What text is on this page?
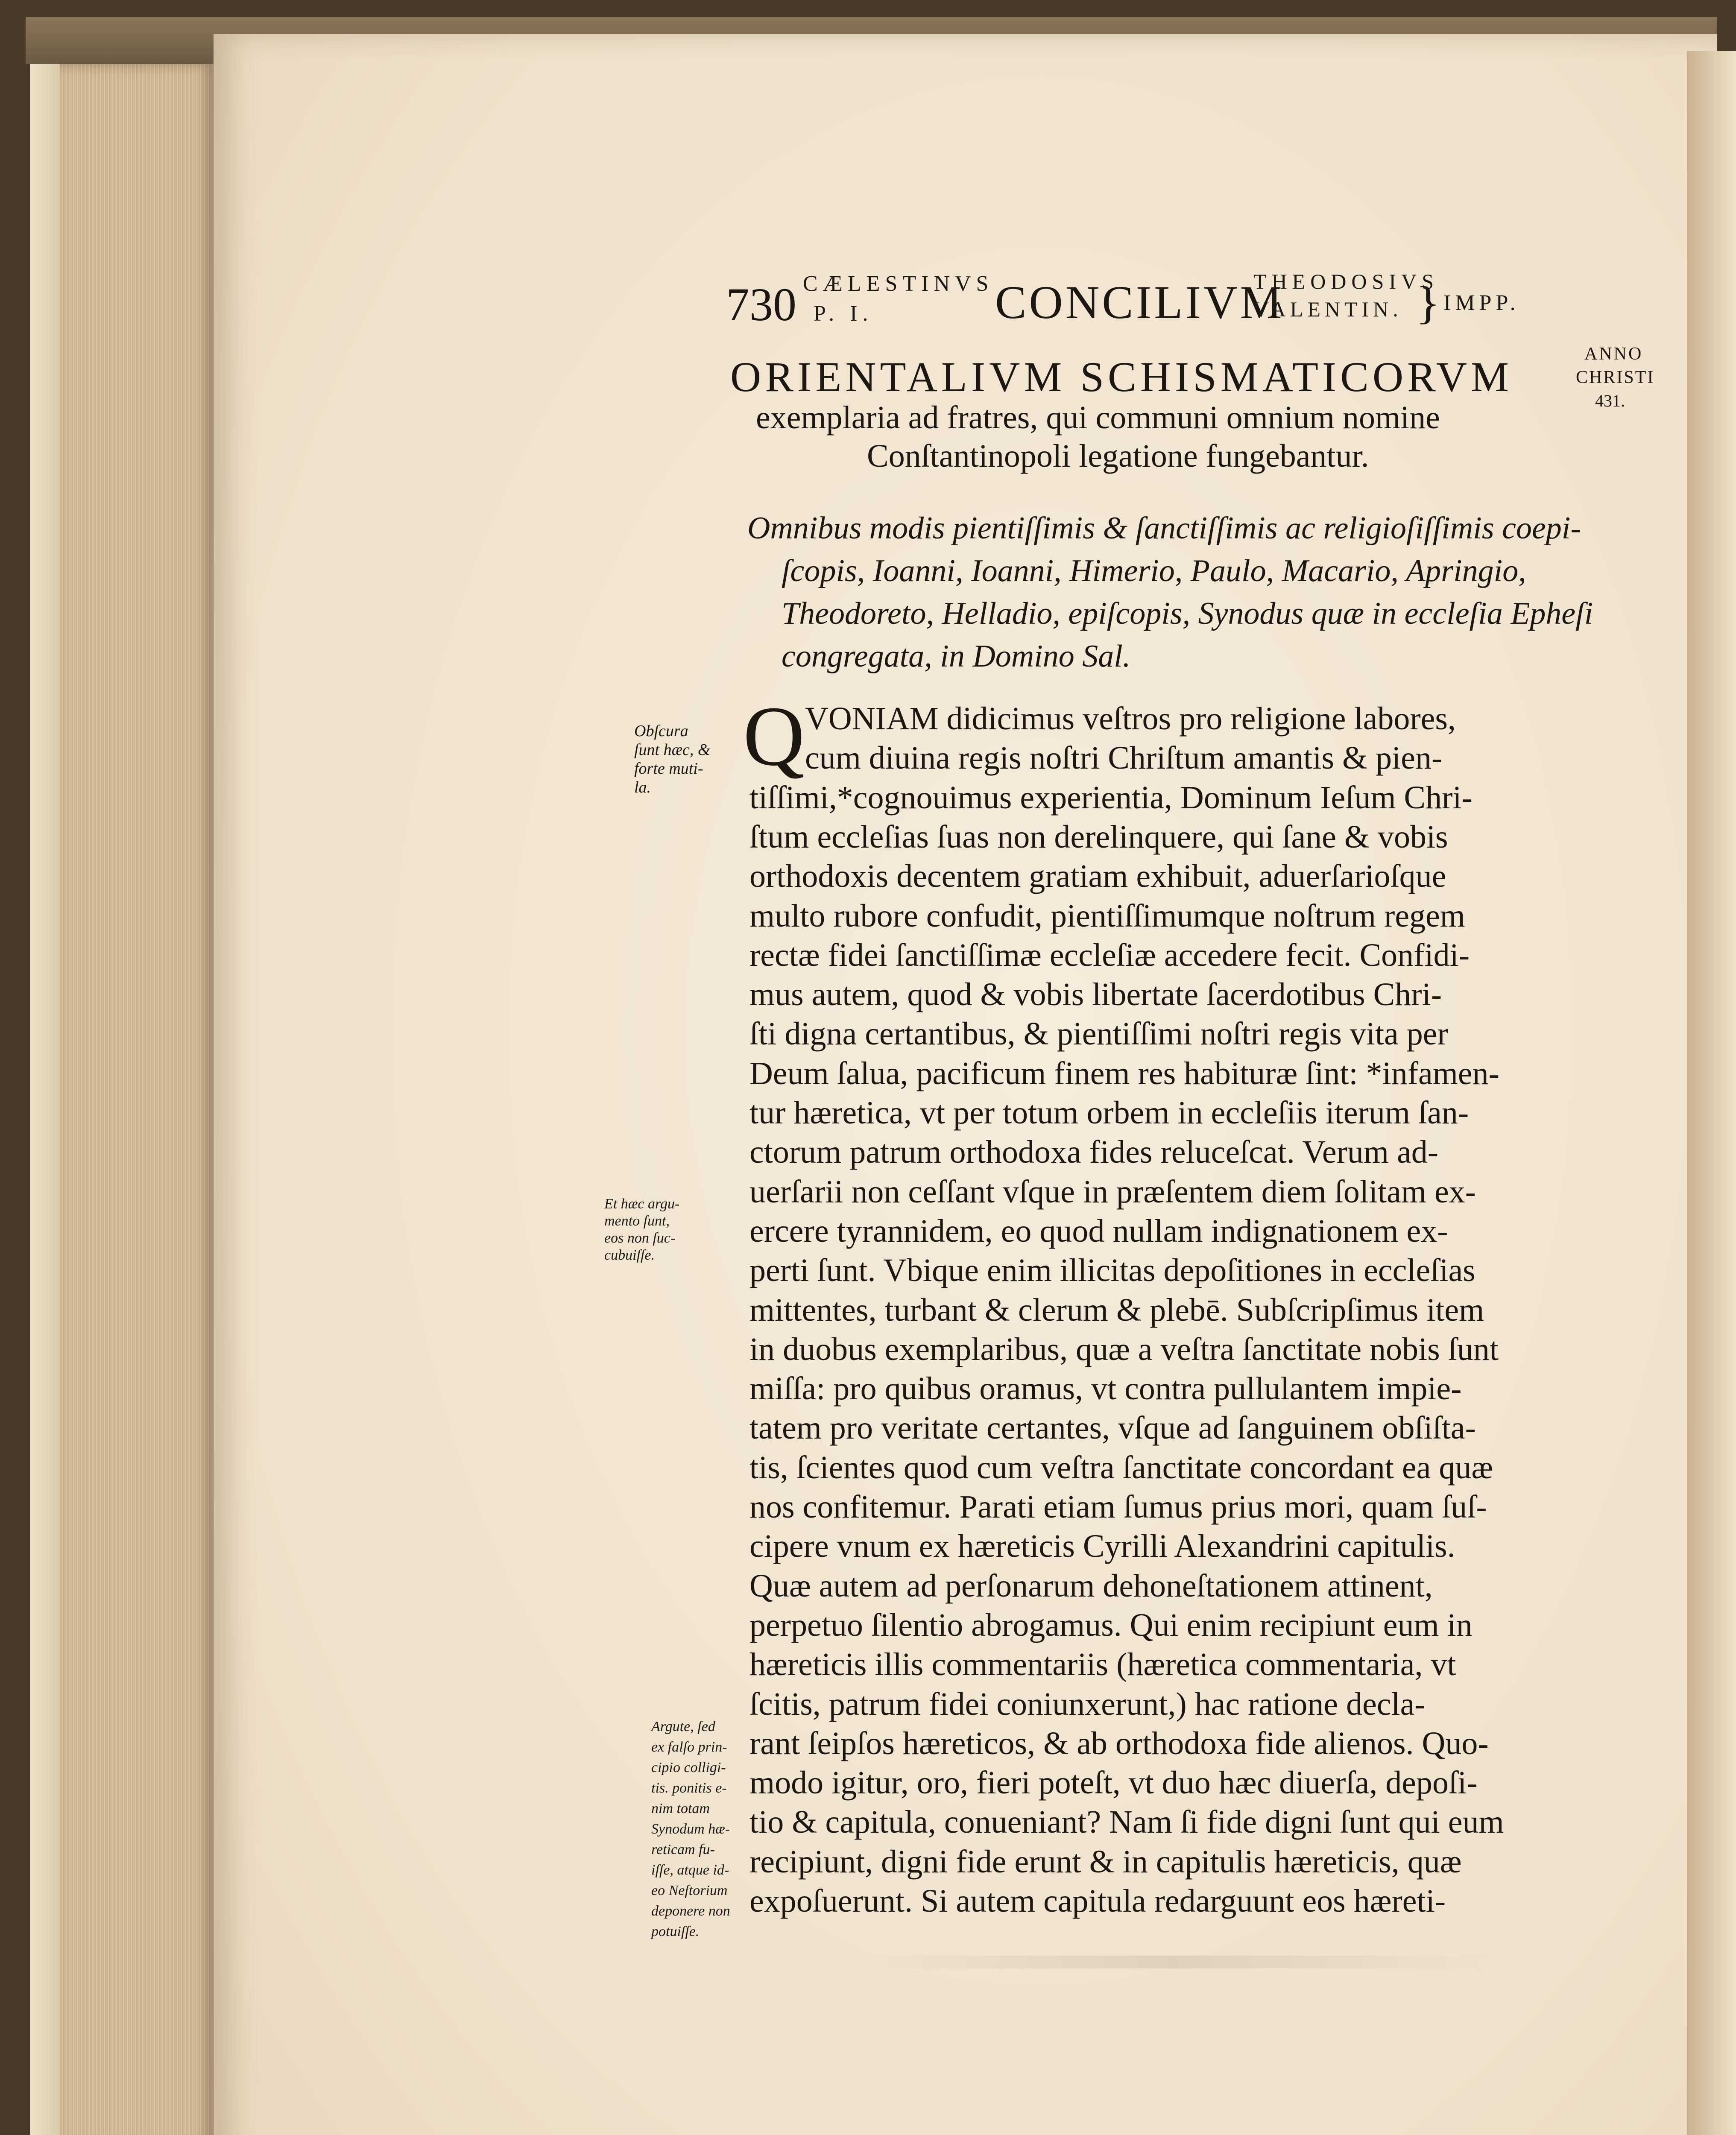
730 CÆLESTINVS
P. I.	CONCILIVM
THEODOSIVS
VALENTIN. } IMPP.
ANNO
CHRISTI
431.
ORIENTALIVM SCHISMATICORVM
exemplaria ad fratres, qui communi omnium nomine
Conſtantinopoli legatione fungebantur.
Omnibus modis pientiſſimis & ſanctiſſimis ac religioſiſſimis coepi-
ſcopis, Ioanni, Ioanni, Himerio, Paulo, Macario, Apringio,
Theodoreto, Helladio, epiſcopis, Synodus quæ in eccleſia Epheſi
congregata, in Domino Sal.
Obſcura
ſunt hæc, &
forte muti-
la.
Et hæc argu-
mento ſunt,
eos non ſuc-
cubuiſſe.
Argute, ſed
ex falſo prin-
cipio colligi-
tis. ponitis e-
nim totam
Synodum hæ-
reticam fu-
iſſe, atque id-
eo Neſtorium
deponere non
potuiſſe.
Q VONIAM didicimus veſtros pro religione labores,
cum diuina regis noſtri Chriſtum amantis & pien-
tiſſimi,*cognouimus experientia, Dominum Ieſum Chri-
ſtum eccleſias ſuas non derelinquere, qui ſane & vobis
orthodoxis decentem gratiam exhibuit, aduerſarioſque
multo rubore confudit, pientiſſimumque noſtrum regem
rectæ fidei ſanctiſſimæ eccleſiæ accedere fecit. Confidi-
mus autem, quod & vobis libertate ſacerdotibus Chri-
ſti digna certantibus, & pientiſſimi noſtri regis vita per
Deum ſalua, pacificum finem res habituræ ſint: *infamen-
tur hæretica, vt per totum orbem in eccleſiis iterum ſan-
ctorum patrum orthodoxa fides relucеſcat. Verum ad-
uerſarii non ceſſant vſque in præſentem diem ſolitam ex-
ercere tyrannidem, eo quod nullam indignationem ex-
perti ſunt. Vbique enim illicitas depoſitiones in eccleſias
mittentes, turbant & clerum & plebē. Subſcripſimus item
in duobus exemplaribus, quæ a veſtra ſanctitate nobis ſunt
miſſa: pro quibus oramus, vt contra pullulantem impie-
tatem pro veritate certantes, vſque ad ſanguinem obſiſta-
tis, ſcientes quod cum veſtra ſanctitate concordant ea quæ
nos confitemur. Parati etiam ſumus prius mori, quam ſuſ-
cipere vnum ex hæreticis Cyrilli Alexandrini capitulis.
Quæ autem ad perſonarum dehoneſtationem attinent,
perpetuo ſilentio abrogamus. Qui enim recipiunt eum in
hæreticis illis commentariis (hæretica commentaria, vt
ſcitis, patrum fidei coniunxerunt,) hac ratione decla-
rant ſeipſos hæreticos, & ab orthodoxa fide alienos. Quo-
modo igitur, oro, fieri poteſt, vt duo hæc diuerſa, depoſi-
tio & capitula, conueniant? Nam ſi fide digni ſunt qui eum
recipiunt, digni fide erunt & in capitulis hæreticis, quæ
expoſuerunt. Si autem capitula redarguunt eos hæreti-
